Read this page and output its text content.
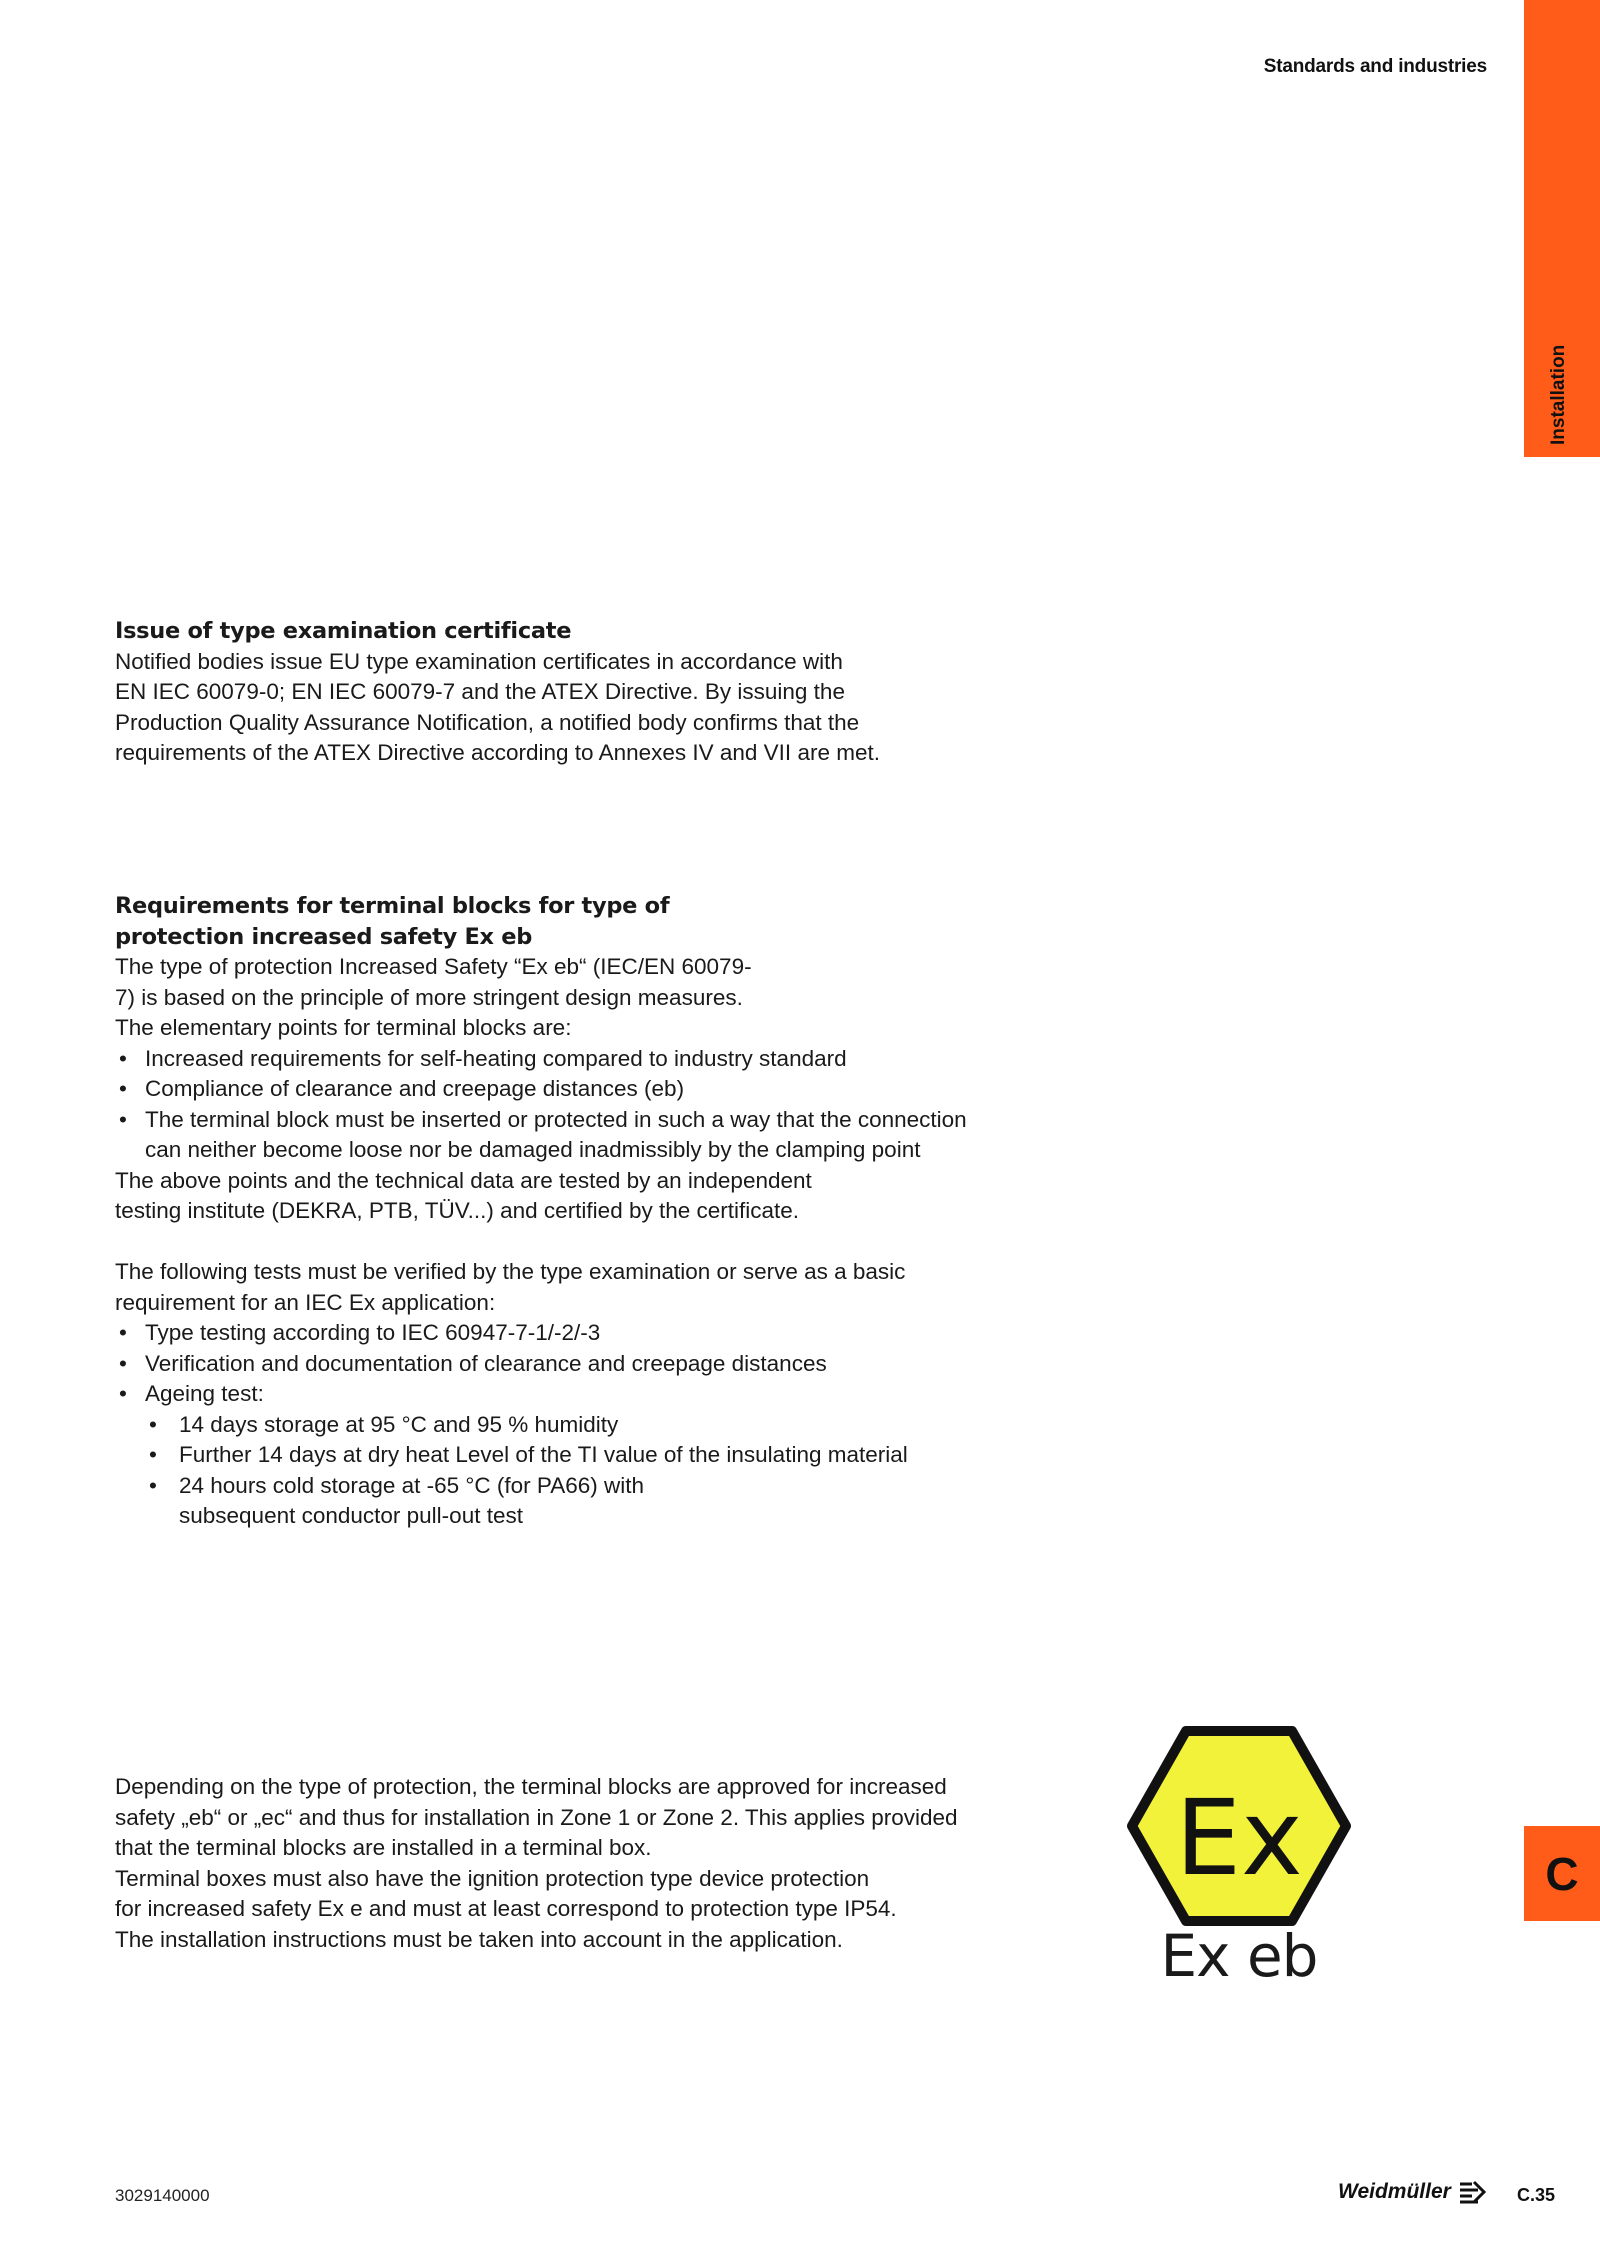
Standards and industries
Installation
C
Issue of type examination certificate

Notified bodies issue EU type examination certificates in accordance with
EN IEC 60079-0; EN IEC 60079-7 and the ATEX Directive. By issuing the
Production Quality Assurance Notification, a notified body confirms that the
requirements of the ATEX Directive according to Annexes IV and VII are met.

Requirements for terminal blocks for type of
protection increased safety Ex eb

The type of protection Increased Safety “Ex eb“ (IEC/EN 60079-
7) is based on the principle of more stringent design measures.
The elementary points for terminal blocks are:

• Increased requirements for self-heating compared to industry standard
• Compliance of clearance and creepage distances (eb)
• The terminal block must be inserted or protected in such a way that the connection
can neither become loose nor be damaged inadmissibly by the clamping point

The above points and the technical data are tested by an independent
testing institute (DEKRA, PTB, TÜV...) and certified by the certificate.

The following tests must be verified by the type examination or serve as a basic
requirement for an IEC Ex application:

• Type testing according to IEC 60947-7-1/-2/-3
• Verification and documentation of clearance and creepage distances
• Ageing test:
• 14 days storage at 95 °C and 95 % humidity
• Further 14 days at dry heat Level of the TI value of the insulating material
• 24 hours cold storage at -65 °C (for PA66) with
subsequent conductor pull-out test

Depending on the type of protection, the terminal blocks are approved for increased
safety „eb“ or „ec“ and thus for installation in Zone 1 or Zone 2. This applies provided
that the terminal blocks are installed in a terminal box.
Terminal boxes must also have the ignition protection type device protection
for increased safety Ex e and must at least correspond to protection type IP54.
The installation instructions must be taken into account in the application.

Ex
Ex eb
3029140000	Weidmüller	C.35
